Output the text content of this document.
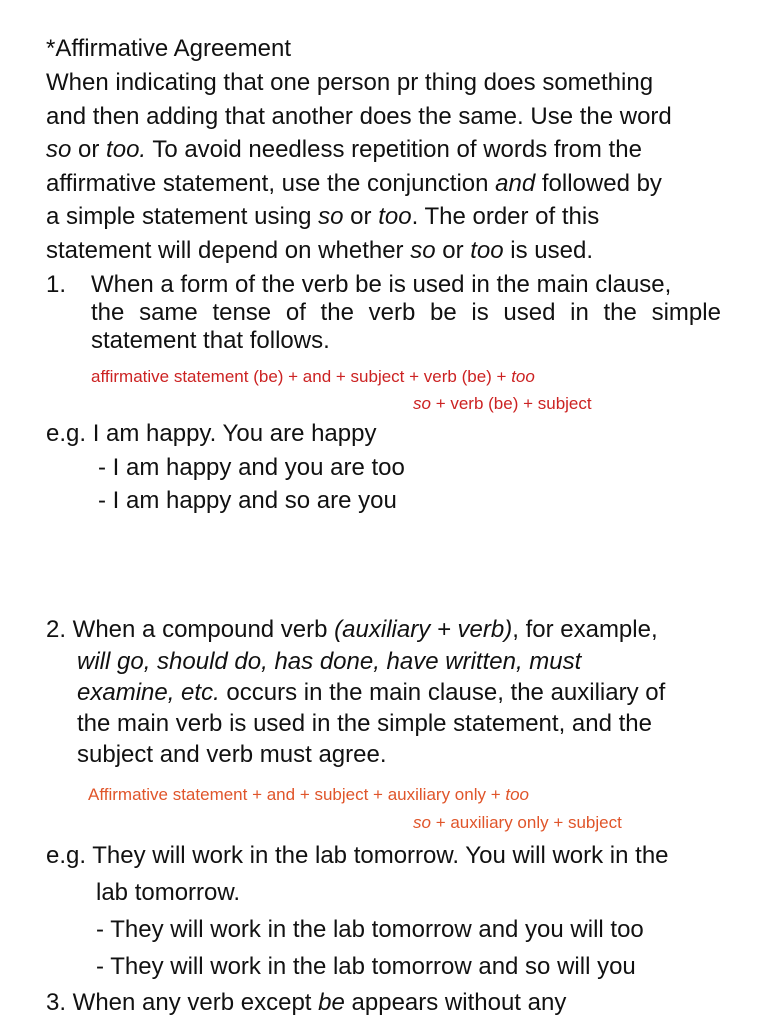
*Affirmative Agreement
When indicating that one person pr thing does something
and then adding that another does the same. Use the word
so or too. To avoid needless repetition of words from the
affirmative statement, use the conjunction and followed by
a simple statement using so or too. The order of this
statement will depend on whether so or too is used.
1. When a form of the verb be is used in the main clause,
the same tense of the verb be is used in the simple
statement that follows.
affirmative statement (be) + and + subject + verb (be) + too
so + verb (be) + subject
e.g. I am happy. You are happy
- I am happy and you are too
- I am happy and so are you
2. When a compound verb (auxiliary + verb), for example,
will go, should do, has done, have written, must
examine, etc. occurs in the main clause, the auxiliary of
the main verb is used in the simple statement, and the
subject and verb must agree.
Affirmative statement + and + subject + auxiliary only + too
so + auxiliary only + subject
e.g. They will work in the lab tomorrow. You will work in the
lab tomorrow.
- They will work in the lab tomorrow and you will too
- They will work in the lab tomorrow and so will you
3. When any verb except be appears without any
